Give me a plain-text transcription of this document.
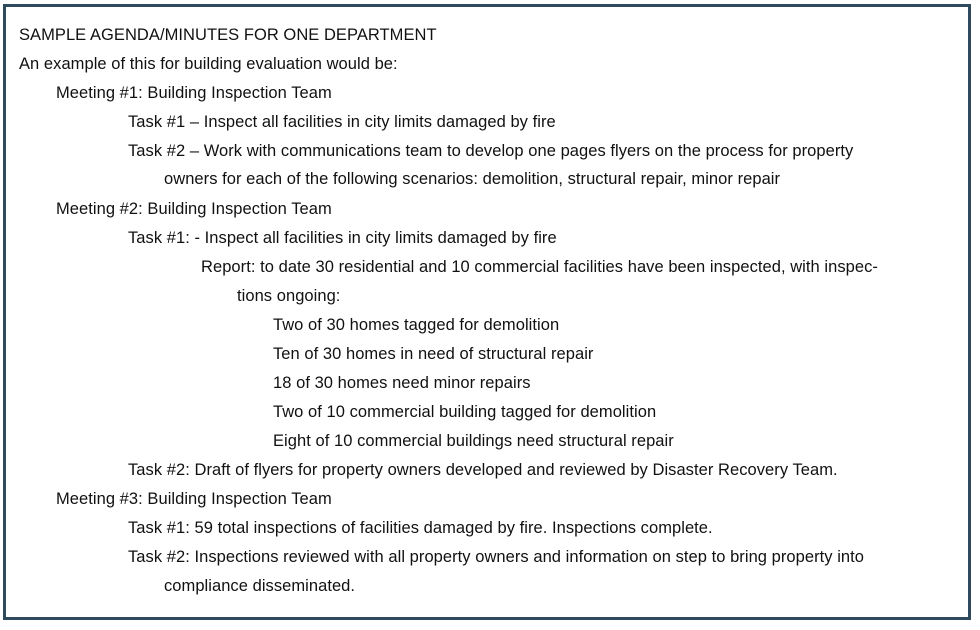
SAMPLE AGENDA/MINUTES FOR ONE DEPARTMENT
An example of this for building evaluation would be:
Meeting #1: Building Inspection Team
Task #1 – Inspect all facilities in city limits damaged by fire
Task #2 – Work with communications team to develop one pages flyers on the process for property
owners for each of the following scenarios: demolition, structural repair, minor repair
Meeting #2: Building Inspection Team
Task #1: - Inspect all facilities in city limits damaged by fire
Report: to date 30 residential and 10 commercial facilities have been inspected, with inspec-
tions ongoing:
Two of 30 homes tagged for demolition
Ten of 30 homes in need of structural repair
18 of 30 homes need minor repairs
Two of 10 commercial building tagged for demolition
Eight of 10 commercial buildings need structural repair
Task #2: Draft of flyers for property owners developed and reviewed by Disaster Recovery Team.
Meeting #3: Building Inspection Team
Task #1: 59 total inspections of facilities damaged by fire. Inspections complete.
Task #2: Inspections reviewed with all property owners and information on step to bring property into
compliance disseminated.
